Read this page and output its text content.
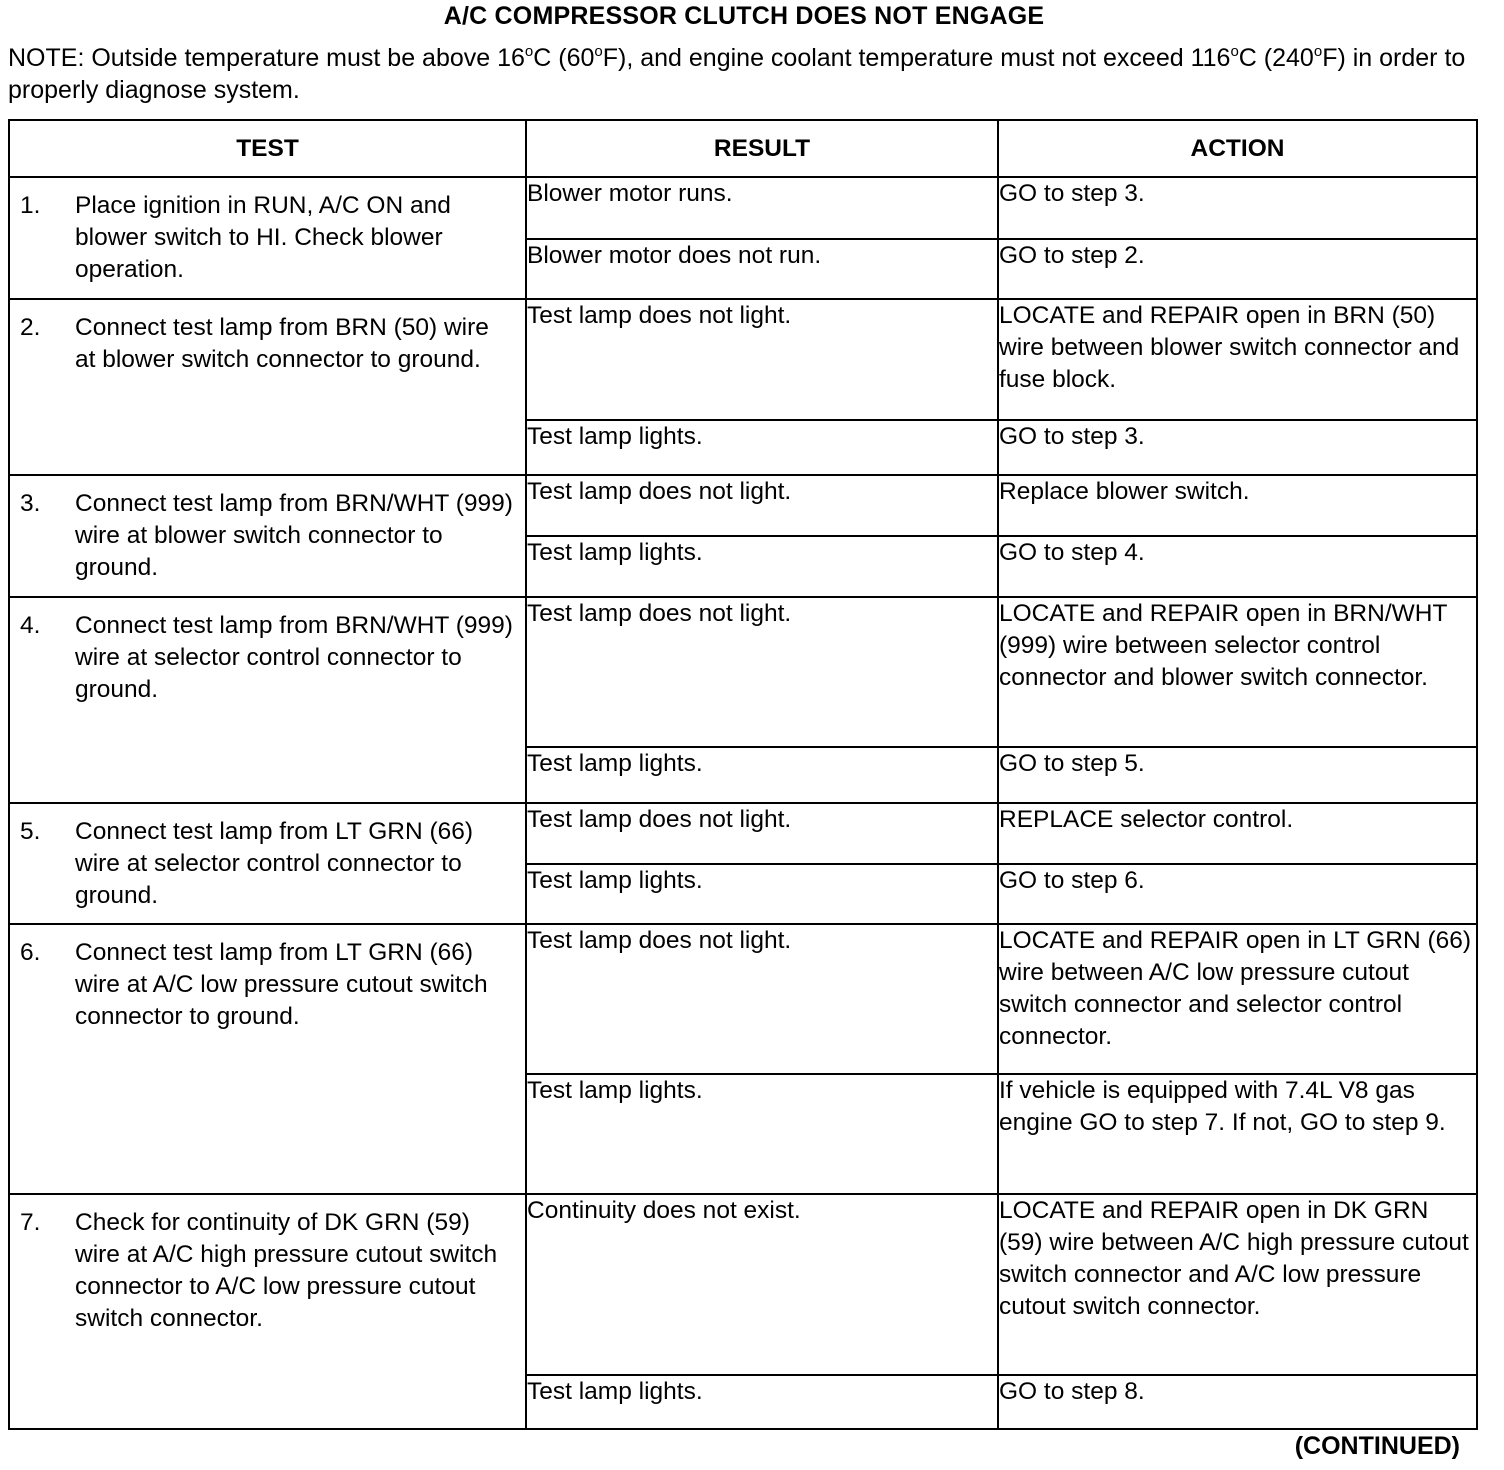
A/C COMPRESSOR CLUTCH DOES NOT ENGAGE
NOTE: Outside temperature must be above 16$^o$C (60$^o$F), and engine coolant temperature must not exceed 116$^o$C (240$^o$F) in order to properly diagnose system.
TEST	RESULT	ACTION

1. Place ignition in RUN, A/C ON and blower switch to HI. Check blower operation.	Blower motor runs.	GO to step 3.
	Blower motor does not run.	GO to step 2.

2. Connect test lamp from BRN (50) wire at blower switch connector to ground.	Test lamp does not light.	LOCATE and REPAIR open in BRN (50) wire between blower switch connector and fuse block.
	Test lamp lights.	GO to step 3.

3. Connect test lamp from BRN/WHT (999) wire at blower switch connector to ground.	Test lamp does not light.	Replace blower switch.
	Test lamp lights.	GO to step 4.

4. Connect test lamp from BRN/WHT (999) wire at selector control connector to ground.	Test lamp does not light.	LOCATE and REPAIR open in BRN/WHT (999) wire between selector control connector and blower switch connector.
	Test lamp lights.	GO to step 5.

5. Connect test lamp from LT GRN (66) wire at selector control connector to ground.	Test lamp does not light.	REPLACE selector control.
	Test lamp lights.	GO to step 6.

6. Connect test lamp from LT GRN (66) wire at A/C low pressure cutout switch connector to ground.	Test lamp does not light.	LOCATE and REPAIR open in LT GRN (66) wire between A/C low pressure cutout switch connector and selector control connector.
	Test lamp lights.	If vehicle is equipped with 7.4L V8 gas engine GO to step 7. If not, GO to step 9.

7. Check for continuity of DK GRN (59) wire at A/C high pressure cutout switch connector to A/C low pressure cutout switch connector.	Continuity does not exist.	LOCATE and REPAIR open in DK GRN (59) wire between A/C high pressure cutout switch connector and A/C low pressure cutout switch connector.
	Test lamp lights.	GO to step 8.
(CONTINUED)
